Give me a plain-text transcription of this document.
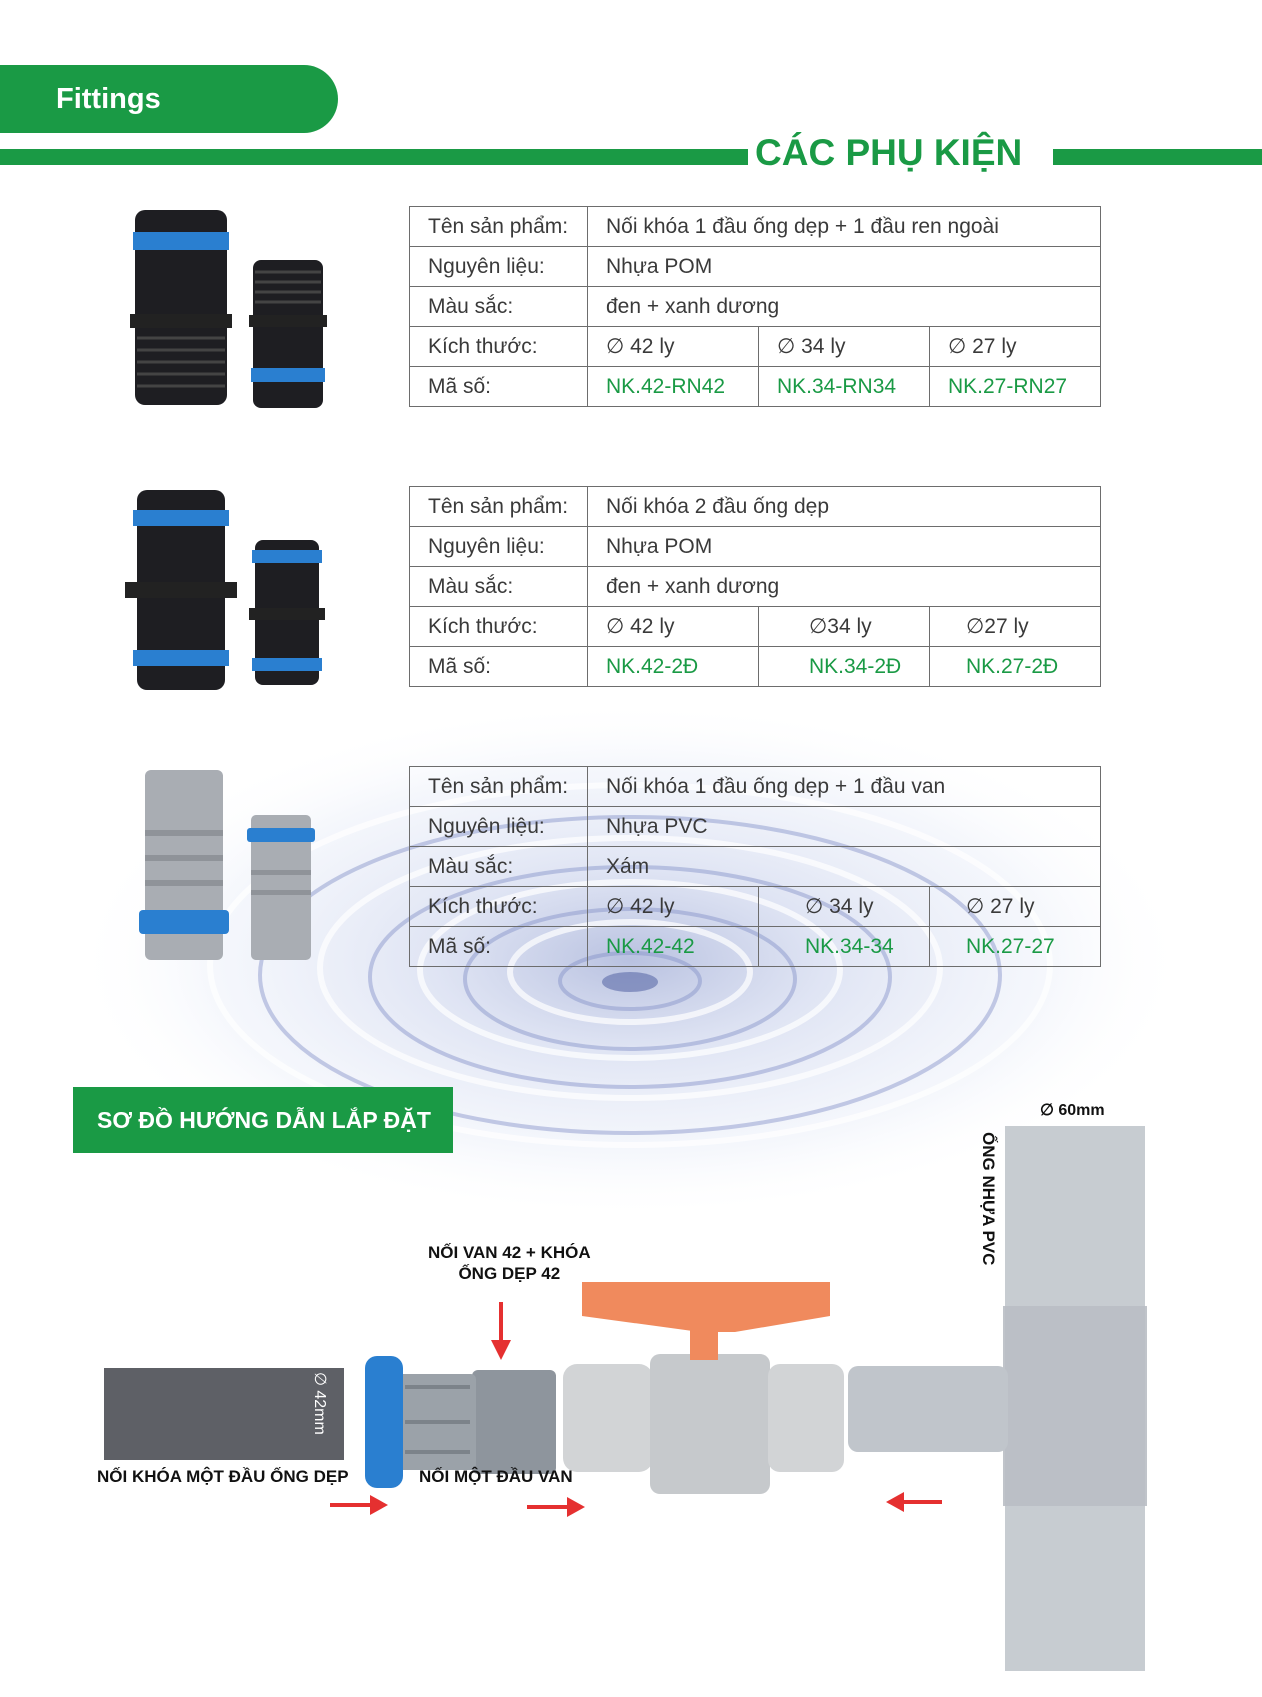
Fittings
CÁC PHỤ KIỆN
Tên sản phẩm:	Nối khóa 1 đầu ống dẹp + 1 đầu ren ngoài		
Nguyên liệu:	Nhựa POM		
Màu sắc:	đen + xanh dương		
Kích thước:	∅ 42 ly	∅ 34 ly	∅ 27 ly
Mã số:	NK.42-RN42	NK.34-RN34	NK.27-RN27
Tên sản phẩm:	Nối khóa 2 đầu ống dẹp		
Nguyên liệu:	Nhựa POM		
Màu sắc:	đen + xanh dương		
Kích thước:	∅ 42 ly	∅34 ly	∅27 ly
Mã số:	NK.42-2Đ	NK.34-2Đ	NK.27-2Đ
Tên sản phẩm:	Nối khóa 1 đầu ống dẹp + 1 đầu van		
Nguyên liệu:	Nhựa PVC		
Màu sắc:	Xám		
Kích thước:	∅ 42 ly	∅ 34 ly	∅ 27 ly
Mã số:	NK.42-42	NK.34-34	NK.27-27
SƠ ĐỒ HƯỚNG DẪN LẮP ĐẶT
NỐI VAN 42 + KHÓA
ỐNG DẸP 42
NỐI KHÓA MỘT ĐẦU ỐNG DẸP	NỐI MỘT ĐẦU VAN
∅ 60mm
ỐNG NHỰA PVC
∅ 42mm
